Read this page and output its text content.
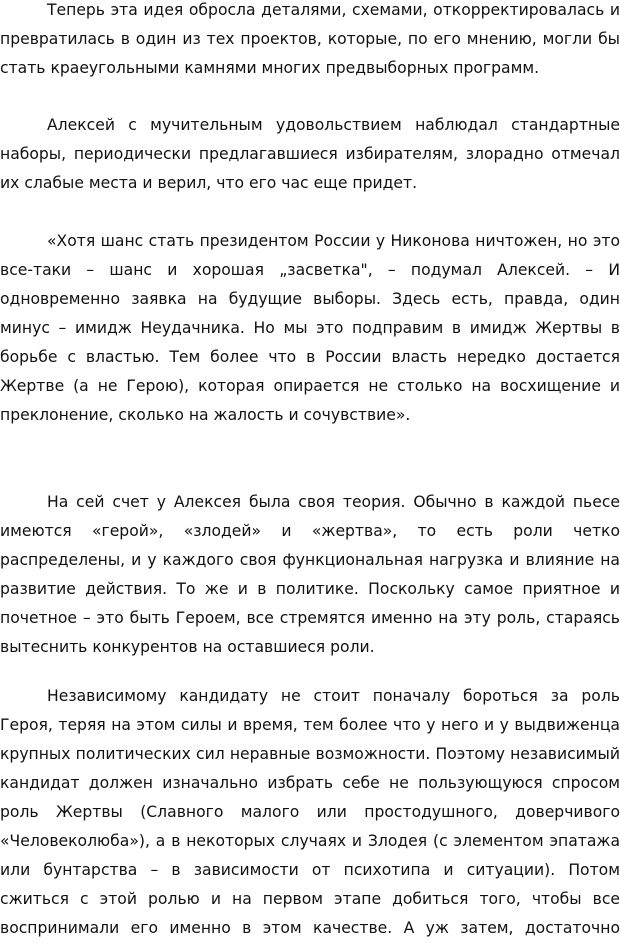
Теперь эта идея обросла деталями, схемами, откорректировалась и
превратилась в один из тех проектов, которые, по его мнению, могли бы
стать краеугольными камнями многих предвыборных программ.
Алексей с мучительным удовольствием наблюдал стандартные
наборы, периодически предлагавшиеся избирателям, злорадно отмечал
их слабые места и верил, что его час еще придет.
«Хотя шанс стать президентом России у Никонова ничтожен, но это
все-таки – шанс и хорошая „засветка", – подумал Алексей. – И
одновременно заявка на будущие выборы. Здесь есть, правда, один
минус – имидж Неудачника. Но мы это подправим в имидж Жертвы в
борьбе с властью. Тем более что в России власть нередко достается
Жертве (а не Герою), которая опирается не столько на восхищение и
преклонение, сколько на жалость и сочувствие».
На сей счет у Алексея была своя теория. Обычно в каждой пьесе
имеются «герой», «злодей» и «жертва», то есть роли четко
распределены, и у каждого своя функциональная нагрузка и влияние на
развитие действия. То же и в политике. Поскольку самое приятное и
почетное – это быть Героем, все стремятся именно на эту роль, стараясь
вытеснить конкурентов на оставшиеся роли.
Независимому кандидату не стоит поначалу бороться за роль
Героя, теряя на этом силы и время, тем более что у него и у выдвиженца
крупных политических сил неравные возможности. Поэтому независимый
кандидат должен изначально избрать себе не пользующуюся спросом
роль Жертвы (Славного малого или простодушного, доверчивого
«Человеколюба»), а в некоторых случаях и Злодея (с элементом эпатажа
или бунтарства – в зависимости от психотипа и ситуации). Потом
сжиться с этой ролью и на первом этапе добиться того, чтобы все
воспринимали его именно в этом качестве. А уж затем, достаточно
